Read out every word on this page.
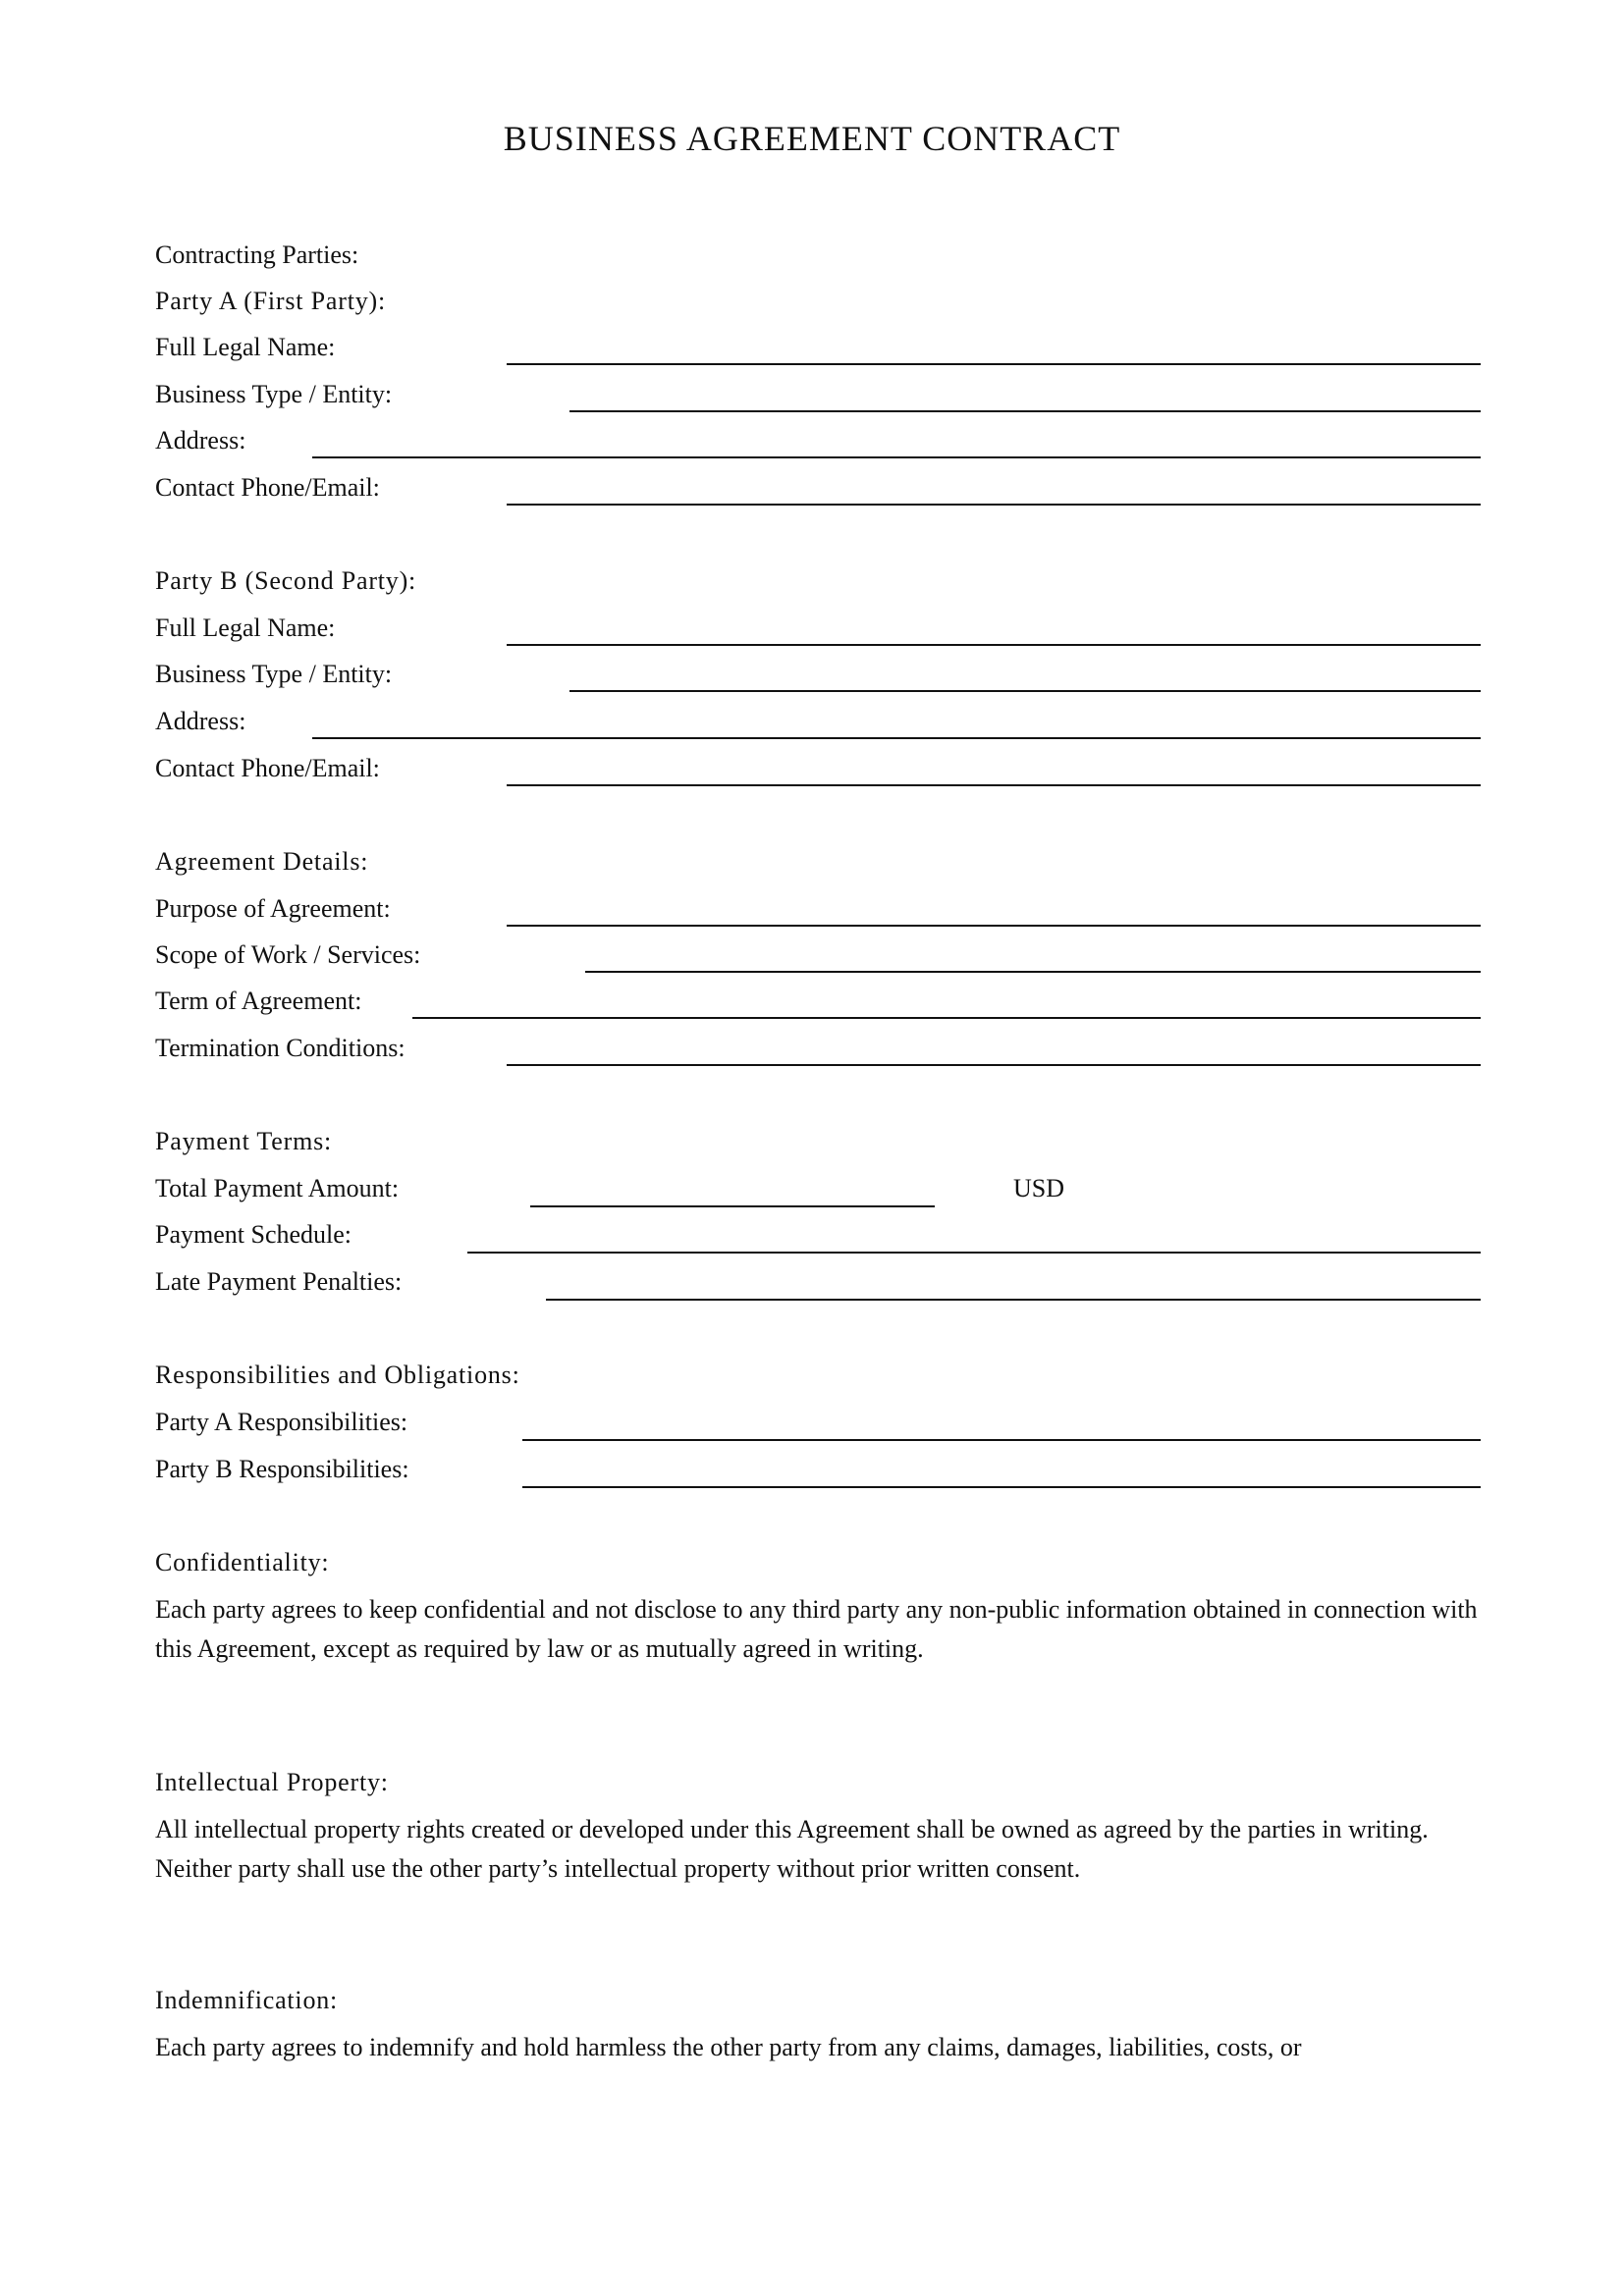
BUSINESS AGREEMENT CONTRACT
Contracting Parties:
Party A (First Party):
Full Legal Name:
Business Type / Entity:
Address:
Contact Phone/Email:
Party B (Second Party):
Full Legal Name:
Business Type / Entity:
Address:
Contact Phone/Email:
Agreement Details:
Purpose of Agreement:
Scope of Work / Services:
Term of Agreement:
Termination Conditions:
Payment Terms:
Total Payment Amount:	USD
Payment Schedule:
Late Payment Penalties:
Responsibilities and Obligations:
Party A Responsibilities:
Party B Responsibilities:
Confidentiality:
Each party agrees to keep confidential and not disclose to any third party any non-public information obtained in connection with this Agreement, except as required by law or as mutually agreed in writing.
Intellectual Property:
All intellectual property rights created or developed under this Agreement shall be owned as agreed by the parties in writing. Neither party shall use the other party’s intellectual property without prior written consent.
Indemnification:
Each party agrees to indemnify and hold harmless the other party from any claims, damages, liabilities, costs, or
